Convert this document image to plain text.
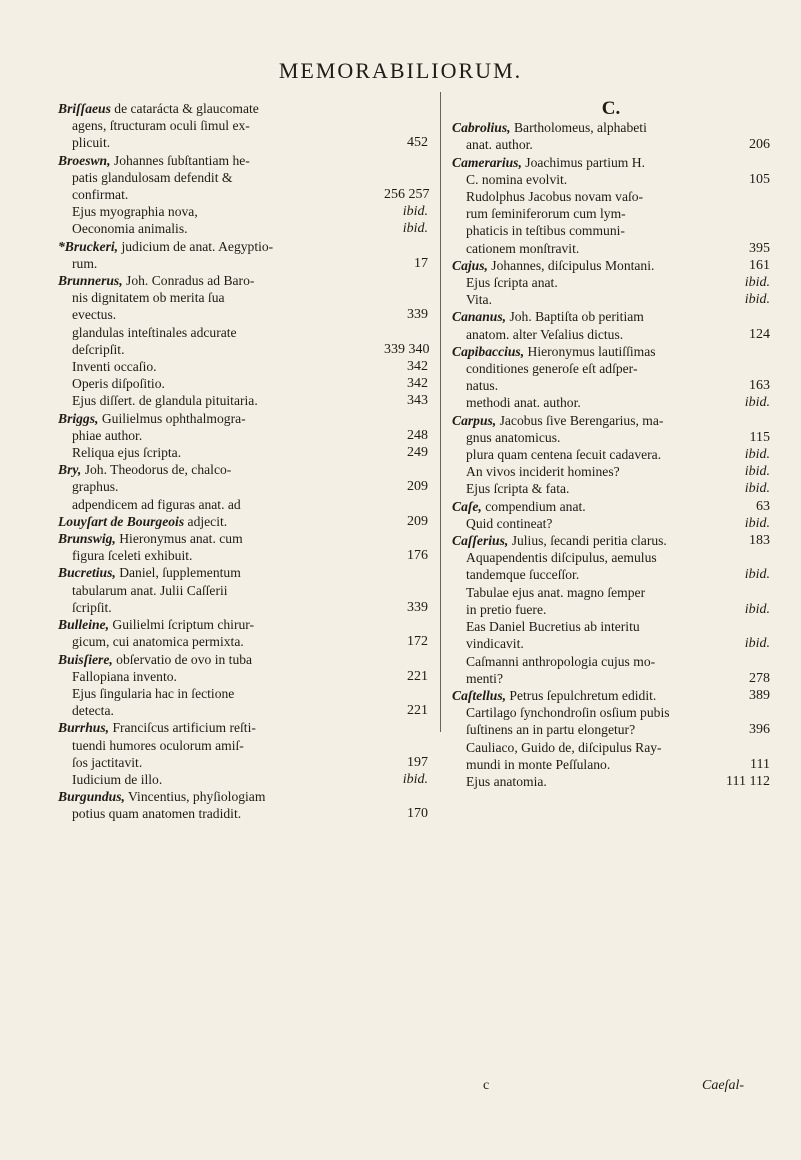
MEMORABILIORUM.
Briſſaeus de catarácta & glaucomate
agens, ſtructuram oculi ſimul ex-
plicuit.	452
Broeswn, Johannes ſubſtantiam he-
patis glandulosam defendit &
confirmat.	256 257
Ejus myographia nova,	ibid.
Oeconomia animalis.	ibid.
*Bruckeri, judicium de anat. Aegyptio-
rum.	17
Brunnerus, Joh. Conradus ad Baro-
nis dignitatem ob merita ſua
evectus.	339
glandulas inteſtinales adcurate
deſcripſit.	339 340
Inventi occaſio.	342
Operis diſpoſitio.	342
Ejus diſſert. de glandula pituitaria.	343
Briggs, Guilielmus ophthalmogra-
phiae author.	248
Reliqua ejus ſcripta.	249
Bry, Joh. Theodorus de, chalco-
graphus.	209
adpendicem ad figuras anat. ad
Louyſart de Bourgeois adjecit.	209
Brunswig, Hieronymus anat. cum
figura ſceleti exhibuit.	176
Bucretius, Daniel, ſupplementum
tabularum anat. Julii Caſſerii
ſcripſit.	339
Bulleine, Guilielmi ſcriptum chirur-
gicum, cui anatomica permixta.	172
Buisſiere, obſervatio de ovo in tuba
Fallopiana invento.	221
Ejus ſingularia hac in ſectione
detecta.	221
Burrhus, Franciſcus artificium reſti-
tuendi humores oculorum amiſ-
ſos jactitavit.	197
Iudicium de illo.	ibid.
Burgundus, Vincentius, phyſiologiam
potius quam anatomen tradidit.	170
C.
Cabrolius, Bartholomeus, alphabeti
anat. author.	206
Camerarius, Joachimus partium H.
C. nomina evolvit.	105
Rudolphus Jacobus novam vaſo-
rum ſeminiferorum cum lym-
phaticis in teſtibus communi-
cationem monſtravit.	395
Cajus, Johannes, diſcipulus Montani.	161
Ejus ſcripta anat.	ibid.
Vita.	ibid.
Cananus, Joh. Baptiſta ob peritiam
anatom. alter Veſalius dictus.	124
Capibaccius, Hieronymus lautiſſimas
conditiones generoſe eſt adſper-
natus.	163
methodi anat. author.	ibid.
Carpus, Jacobus ſive Berengarius, ma-
gnus anatomicus.	115
plura quam centena ſecuit cadavera.	ibid.
An vivos inciderit homines?	ibid.
Ejus ſcripta & fata.	ibid.
Caſe, compendium anat.	63
Quid contineat?	ibid.
Caſſerius, Julius, ſecandi peritia clarus.	183
Aquapendentis diſcipulus, aemulus
tandemque ſucceſſor.	ibid.
Tabulae ejus anat. magno ſemper
in pretio fuere.	ibid.
Eas Daniel Bucretius ab interitu
vindicavit.	ibid.
Caſmanni anthropologia cujus mo-
menti?	278
Caſtellus, Petrus ſepulchretum edidit.	389
Cartilago ſynchondroſin osſium pubis
ſuſtinens an in partu elongetur?	396
Cauliaco, Guido de, diſcipulus Ray-
mundi in monte Peſſulano.	111
Ejus anatomia.	111 112
c	Caeſal-
